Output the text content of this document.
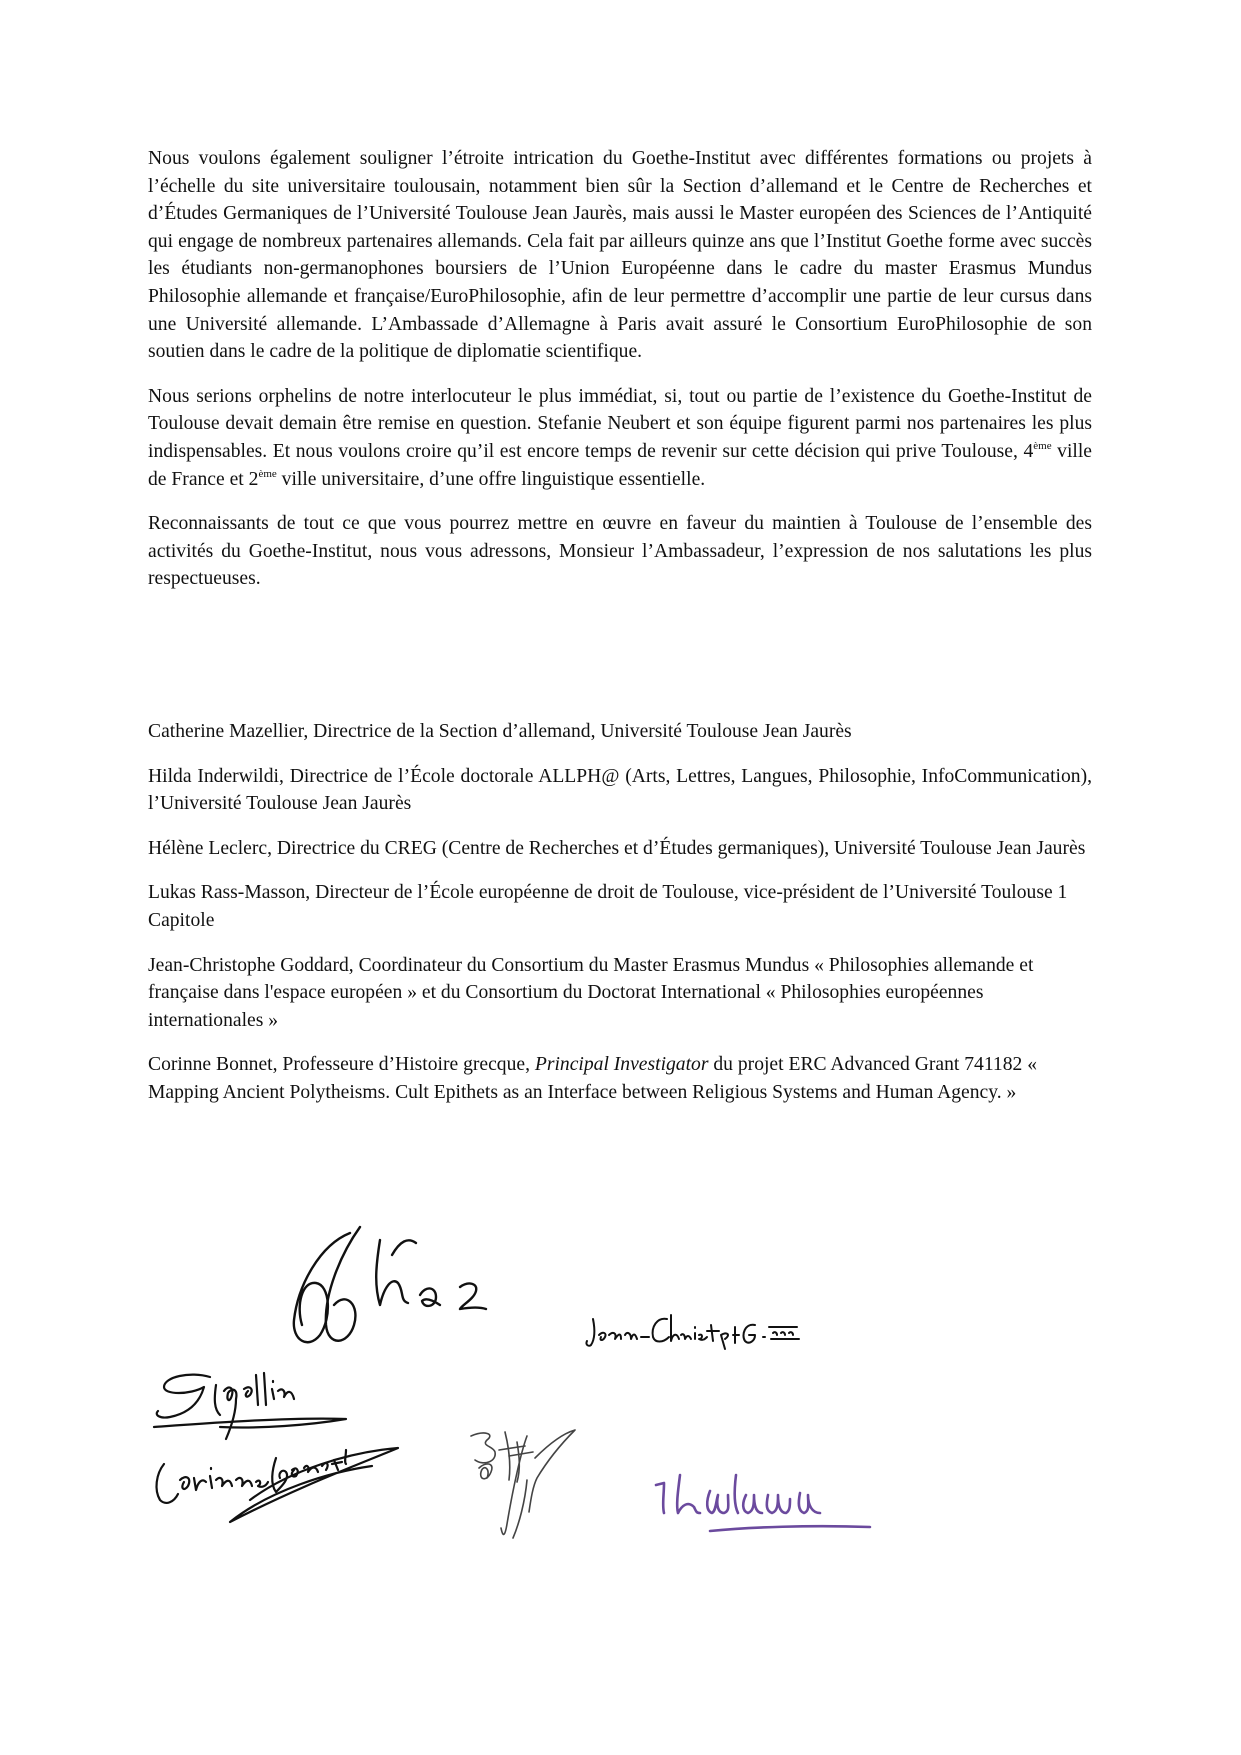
Nous voulons également souligner l’étroite intrication du Goethe-Institut avec différentes formations ou projets à l’échelle du site universitaire toulousain, notamment bien sûr la Section d’allemand et le Centre de Recherches et d’Études Germaniques de l’Université Toulouse Jean Jaurès, mais aussi le Master européen des Sciences de l’Antiquité qui engage de nombreux partenaires allemands. Cela fait par ailleurs quinze ans que l’Institut Goethe forme avec succès les étudiants non-germanophones boursiers de l’Union Européenne dans le cadre du master Erasmus Mundus Philosophie allemande et française/EuroPhilosophie, afin de leur permettre d’accomplir une partie de leur cursus dans une Université allemande. L’Ambassade d’Allemagne à Paris avait assuré le Consortium EuroPhilosophie de son soutien dans le cadre de la politique de diplomatie scientifique.

Nous serions orphelins de notre interlocuteur le plus immédiat, si, tout ou partie de l’existence du Goethe-Institut de Toulouse devait demain être remise en question. Stefanie Neubert et son équipe figurent parmi nos partenaires les plus indispensables. Et nous voulons croire qu’il est encore temps de revenir sur cette décision qui prive Toulouse, 4ème ville de France et 2ème ville universitaire, d’une offre linguistique essentielle.

Reconnaissants de tout ce que vous pourrez mettre en œuvre en faveur du maintien à Toulouse de l’ensemble des activités du Goethe-Institut, nous vous adressons, Monsieur l’Ambassadeur, l’expression de nos salutations les plus respectueuses.

Catherine Mazellier, Directrice de la Section d’allemand, Université Toulouse Jean Jaurès

Hilda Inderwildi, Directrice de l’École doctorale ALLPH@ (Arts, Lettres, Langues, Philosophie, InfoCommunication), l’Université Toulouse Jean Jaurès

Hélène Leclerc, Directrice du CREG (Centre de Recherches et d’Études germaniques), Université Toulouse Jean Jaurès

Lukas Rass-Masson, Directeur de l’École européenne de droit de Toulouse, vice-président de l’Université Toulouse 1 Capitole

Jean-Christophe Goddard, Coordinateur du Consortium du Master Erasmus Mundus « Philosophies allemande et française dans l'espace européen » et du Consortium du Doctorat International « Philosophies européennes internationales »

Corinne Bonnet, Professeure d’Histoire grecque, Principal Investigator du projet ERC Advanced Grant 741182 « Mapping Ancient Polytheisms. Cult Epithets as an Interface between Religious Systems and Human Agency. »
